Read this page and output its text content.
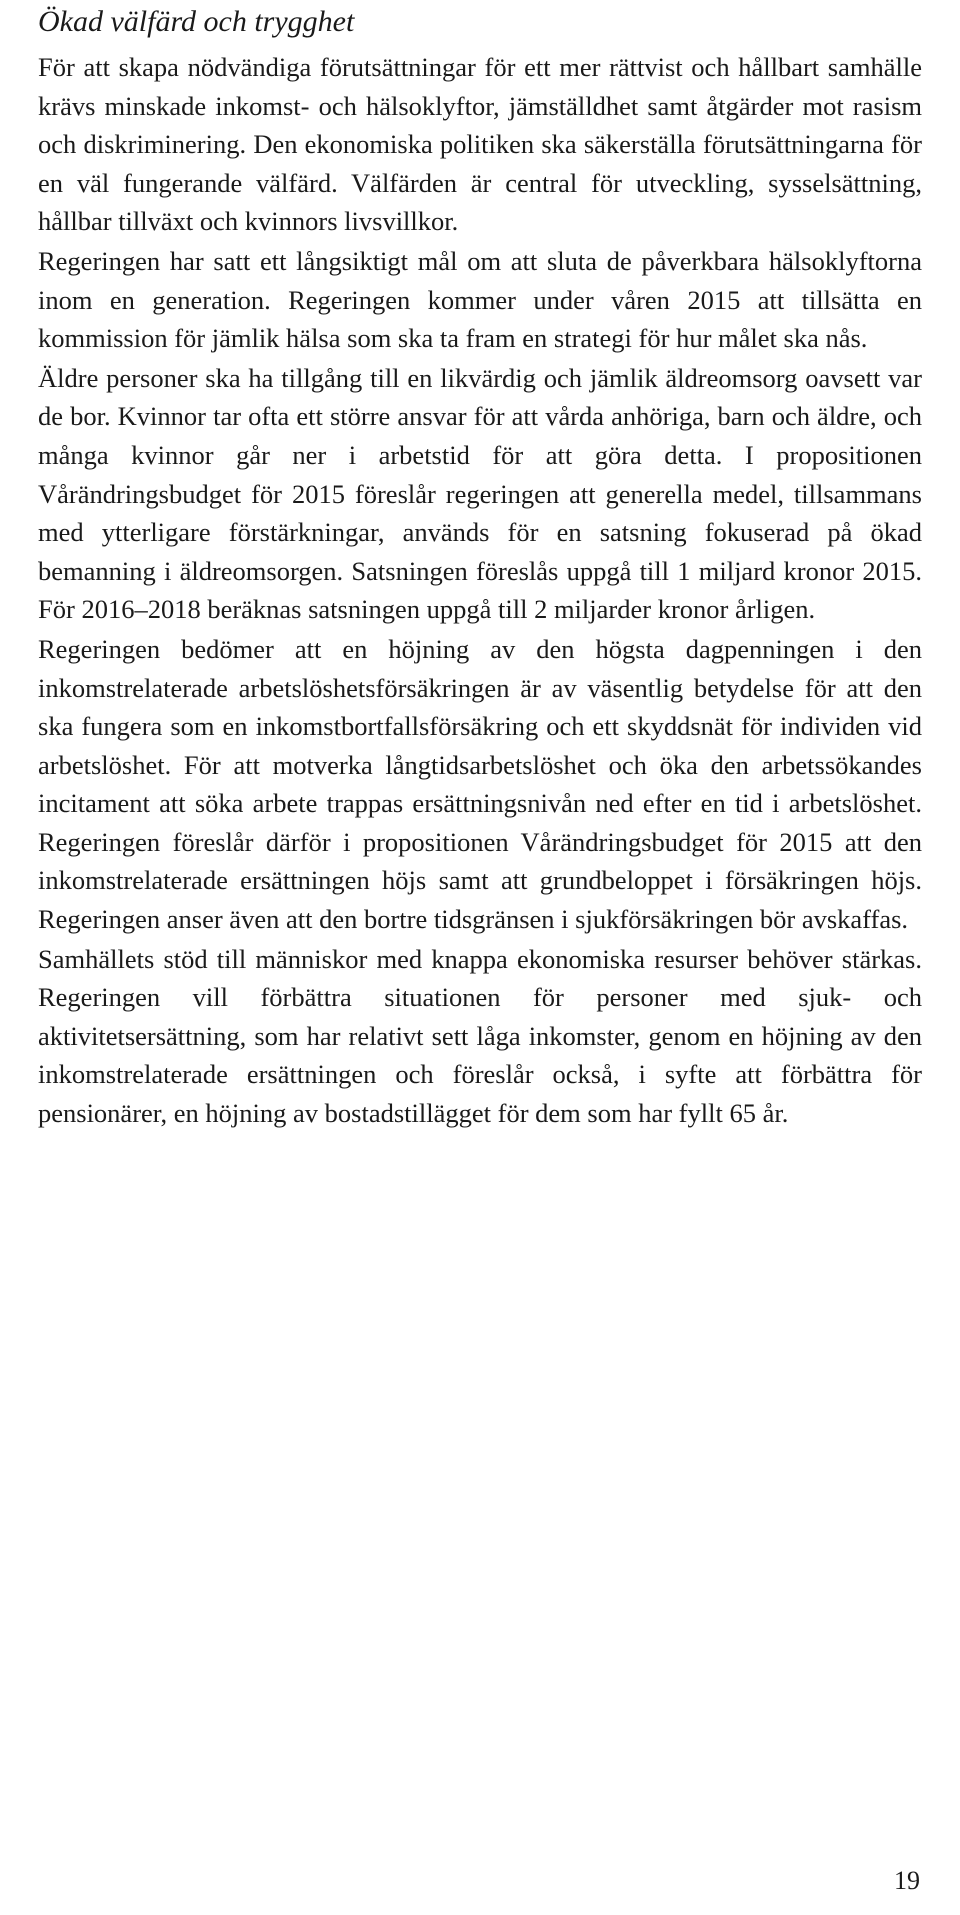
Ökad välfärd och trygghet

För att skapa nödvändiga förutsättningar för ett mer rättvist och hållbart samhälle krävs minskade inkomst- och hälsoklyftor, jämställdhet samt åtgärder mot rasism och diskriminering. Den ekonomiska politiken ska säkerställa förutsättningarna för en väl fungerande välfärd. Välfärden är central för utveckling, sysselsättning, hållbar tillväxt och kvinnors livsvillkor.

Regeringen har satt ett långsiktigt mål om att sluta de påverkbara hälsoklyftorna inom en generation. Regeringen kommer under våren 2015 att tillsätta en kommission för jämlik hälsa som ska ta fram en strategi för hur målet ska nås.

Äldre personer ska ha tillgång till en likvärdig och jämlik äldreomsorg oavsett var de bor. Kvinnor tar ofta ett större ansvar för att vårda anhöriga, barn och äldre, och många kvinnor går ner i arbetstid för att göra detta. I propositionen Vårändringsbudget för 2015 föreslår regeringen att generella medel, tillsammans med ytterligare förstärkningar, används för en satsning fokuserad på ökad bemanning i äldreomsorgen. Satsningen föreslås uppgå till 1 miljard kronor 2015. För 2016–2018 beräknas satsningen uppgå till 2 miljarder kronor årligen.

Regeringen bedömer att en höjning av den högsta dagpenningen i den inkomstrelaterade arbetslöshetsförsäkringen är av väsentlig betydelse för att den ska fungera som en inkomstbortfallsförsäkring och ett skyddsnät för individen vid arbetslöshet. För att motverka långtidsarbetslöshet och öka den arbetssökandes incitament att söka arbete trappas ersättningsnivån ned efter en tid i arbetslöshet. Regeringen föreslår därför i propositionen Vårändringsbudget för 2015 att den inkomstrelaterade ersättningen höjs samt att grundbeloppet i försäkringen höjs. Regeringen anser även att den bortre tidsgränsen i sjukförsäkringen bör avskaffas.

Samhällets stöd till människor med knappa ekonomiska resurser behöver stärkas. Regeringen vill förbättra situationen för personer med sjuk- och aktivitetsersättning, som har relativt sett låga inkomster, genom en höjning av den inkomstrelaterade ersättningen och föreslår också, i syfte att förbättra för pensionärer, en höjning av bostadstillägget för dem som har fyllt 65 år.

19
